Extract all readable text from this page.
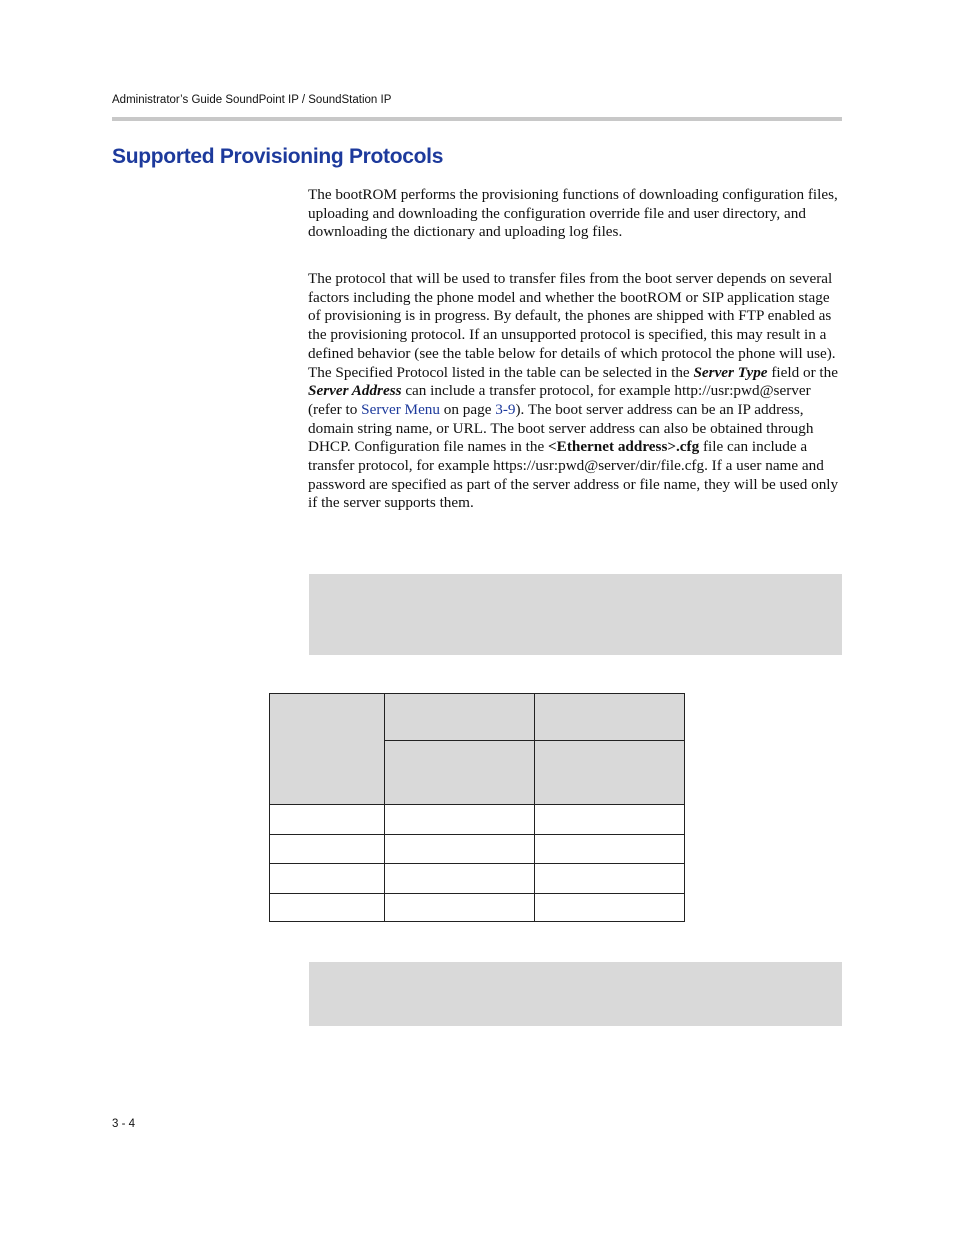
Administrator’s Guide SoundPoint IP / SoundStation IP
Supported Provisioning Protocols

The bootROM performs the provisioning functions of downloading configuration files, uploading and downloading the configuration override file and user directory, and downloading the dictionary and uploading log files.

The protocol that will be used to transfer files from the boot server depends on several factors including the phone model and whether the bootROM or SIP application stage of provisioning is in progress. By default, the phones are shipped with FTP enabled as the provisioning protocol. If an unsupported protocol is specified, this may result in a defined behavior (see the table below for details of which protocol the phone will use). The Specified Protocol listed in the table can be selected in the Server Type field or the Server Address can include a transfer protocol, for example http://usr:pwd@server (refer to Server Menu on page 3-9). The boot server address can be an IP address, domain string name, or URL. The boot server address can also be obtained through DHCP. Configuration file names in the <Ethernet address>.cfg file can include a transfer protocol, for example https://usr:pwd@server/dir/file.cfg. If a user name and password are specified as part of the server address or file name, they will be used only if the server supports them.

3 - 4
